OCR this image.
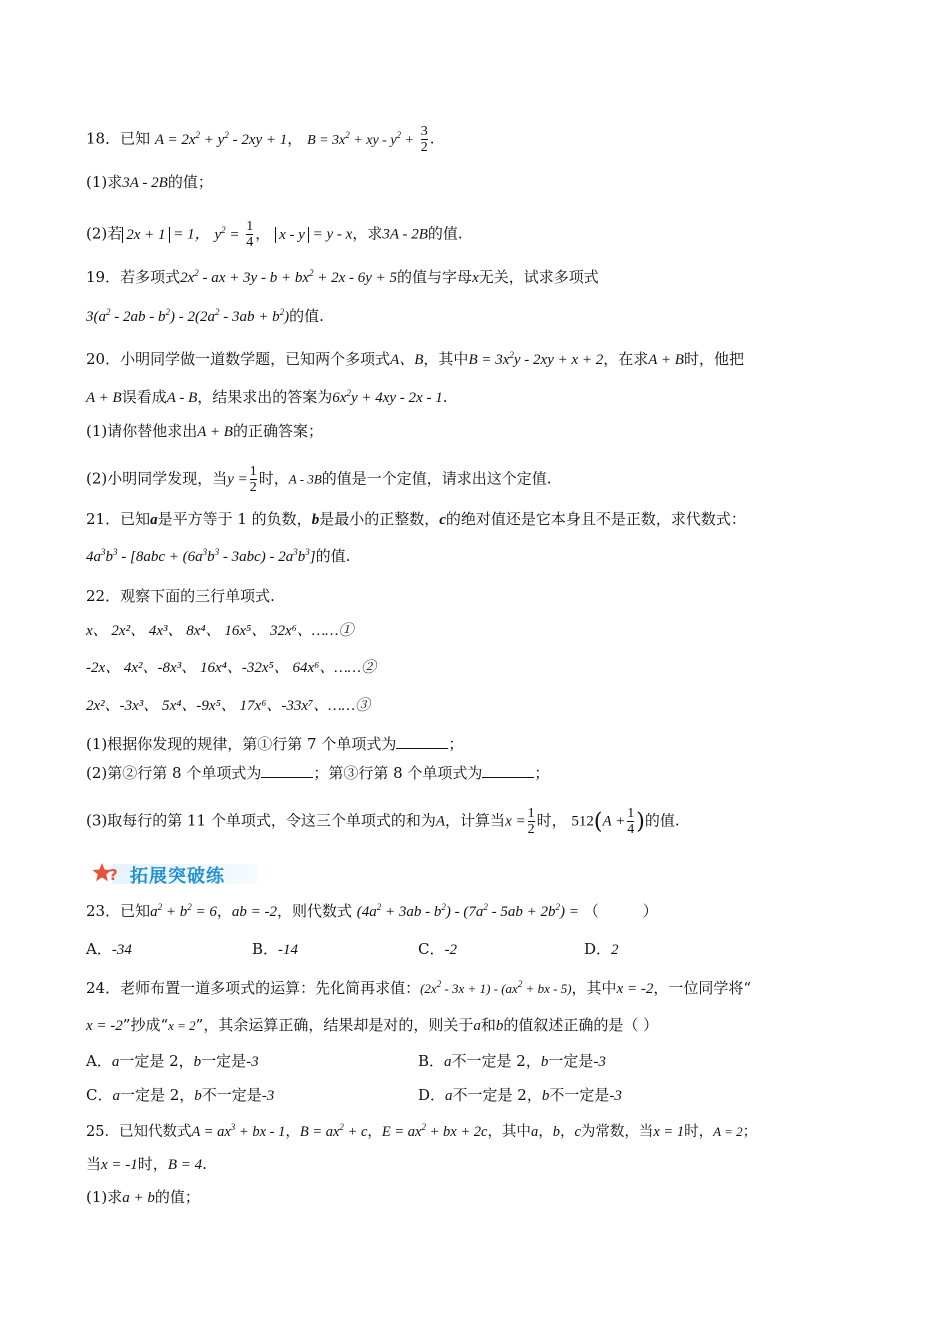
18．已知 $A = 2x^2 + y^2 - 2xy + 1$， $B = 3x^2$ + xy - $y^2 + \frac{3}{2}$ .
(1)求3A - 2B的值；
(2)若 2x + 1 = 1， $y^2 = \frac{1}{4}$ ， x - y = y - x，求3A - 2B的值.
19．若多项式$2x^2$ - ax + $3y - b + bx^2 + 2x - 6y + 5$的值与字母x无关，试求多项式
$3(a^2 - 2ab - b^2) - 2(2a^2 - 3ab + b^2)$的值.
20．小明同学做一道数学题，已知两个多项式A、B，其中$B = 3x^2y - 2xy + x + 2$，在求A + B时，他把
A + B误看成A - B，结果求出的答案为$6x^2y + 4xy - 2x - 1$.
(1)请你替他求出A + B的正确答案；
(2)小明同学发现，当$y = \frac{1}{2}$ 时，A - 3B的值是一个定值，请求出这个定值.
21．已知a是平方等于 1 的负数，b是最小的正整数，c的绝对值还是它本身且不是正数，求代数式：
$4a^3b^3 - [8abc + (6a^3b^3 - 3abc) - 2a^3b^3]$的值.
22．观察下面的三行单项式.
x、 2x²、 4x³、 8x⁴、 16x⁵、 32x⁶、……①
-2x、 4x²、-8x³、 16x⁴、-32x⁵、 64x⁶、……②
2x²、-3x³、 5x⁴、-9x⁵、 17x⁶、-33x⁷、……③
(1)根据你发现的规律，第①行第 7 个单项式为	；
(2)第②行第 8 个单项式为	；第③行第 8 个单项式为	；
(3)取每行的第 11 个单项式，令这三个单项式的和为A，计算当$x = \frac{1}{2}$ 时， $512(A + \frac{1}{4}$ )的值.
? 拓展突破练
23．已知$a^2 + b^2 = 6$，ab = -2，则代数式 $(4a^2 + 3ab - b^2) - (7a^2 - 5ab + 2b^2)$ = （	）
A．-34	B．-14	C．-2	D．2
24．老师布置一道多项式的运算：先化简再求值：$(2x^2 - 3x + 1) - (ax^2$ + bx - 5)，其中x = -2，一位同学将“
x = -2”抄成“x = 2”，其余运算正确，结果却是对的，则关于a和b的值叙述正确的是（ ）
A．a一定是 2，b一定是-3	B．a不一定是 2，b一定是-3
C．a一定是 2，b不一定是-3	D．a不一定是 2，b不一定是-3
25．已知代数式$A = ax^3$ + bx - 1，$B = ax^2 + c$，$E = ax^2$ + bx + 2c，其中a，b，c为常数，当x = 1时，A = 2；
当x = -1时，B = 4.
(1)求a + b的值；
